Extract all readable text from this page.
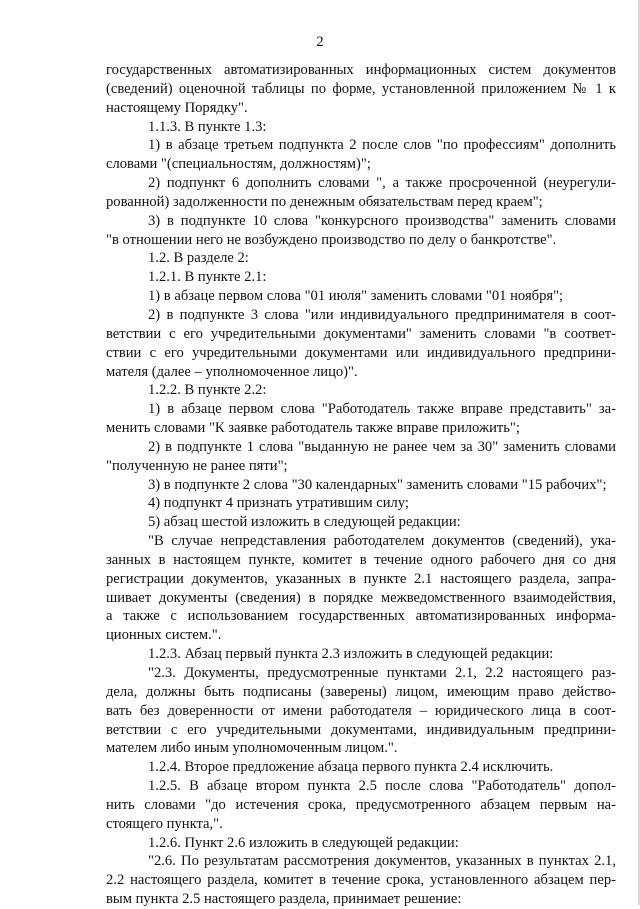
2
государственных автоматизированных информационных систем документов
(сведений) оценочной таблицы по форме, установленной приложением № 1 к
настоящему Порядку".
1.1.3. В пункте 1.3:
1) в абзаце третьем подпункта 2 после слов "по профессиям" дополнить
словами "(специальностям, должностям)";
2) подпункт 6 дополнить словами ", а также просроченной (неурегули-
рованной) задолженности по денежным обязательствам перед краем";
3) в подпункте 10 слова "конкурсного производства" заменить словами
"в отношении него не возбуждено производство по делу о банкротстве".
1.2. В разделе 2:
1.2.1. В пункте 2.1:
1) в абзаце первом слова "01 июля" заменить словами "01 ноября";
2) в подпункте 3 слова "или индивидуального предпринимателя в соот-
ветствии с его учредительными документами" заменить словами "в соответ-
ствии с его учредительными документами или индивидуального предприни-
мателя (далее – уполномоченное лицо)".
1.2.2. В пункте 2.2:
1) в абзаце первом слова "Работодатель также вправе представить" за-
менить словами "К заявке работодатель также вправе приложить";
2) в подпункте 1 слова "выданную не ранее чем за 30" заменить словами
"полученную не ранее пяти";
3) в подпункте 2 слова "30 календарных" заменить словами "15 рабочих";
4) подпункт 4 признать утратившим силу;
5) абзац шестой изложить в следующей редакции:
"В случае непредставления работодателем документов (сведений), ука-
занных в настоящем пункте, комитет в течение одного рабочего дня со дня
регистрации документов, указанных в пункте 2.1 настоящего раздела, запра-
шивает документы (сведения) в порядке межведомственного взаимодействия,
а также с использованием государственных автоматизированных информа-
ционных систем.".
1.2.3. Абзац первый пункта 2.3 изложить в следующей редакции:
"2.3. Документы, предусмотренные пунктами 2.1, 2.2 настоящего раз-
дела, должны быть подписаны (заверены) лицом, имеющим право действо-
вать без доверенности от имени работодателя – юридического лица в соот-
ветствии с его учредительными документами, индивидуальным предприни-
мателем либо иным уполномоченным лицом.".
1.2.4. Второе предложение абзаца первого пункта 2.4 исключить.
1.2.5. В абзаце втором пункта 2.5 после слова "Работодатель" допол-
нить словами "до истечения срока, предусмотренного абзацем первым на-
стоящего пункта,".
1.2.6. Пункт 2.6 изложить в следующей редакции:
"2.6. По результатам рассмотрения документов, указанных в пунктах 2.1,
2.2 настоящего раздела, комитет в течение срока, установленного абзацем пер-
вым пункта 2.5 настоящего раздела, принимает решение:
